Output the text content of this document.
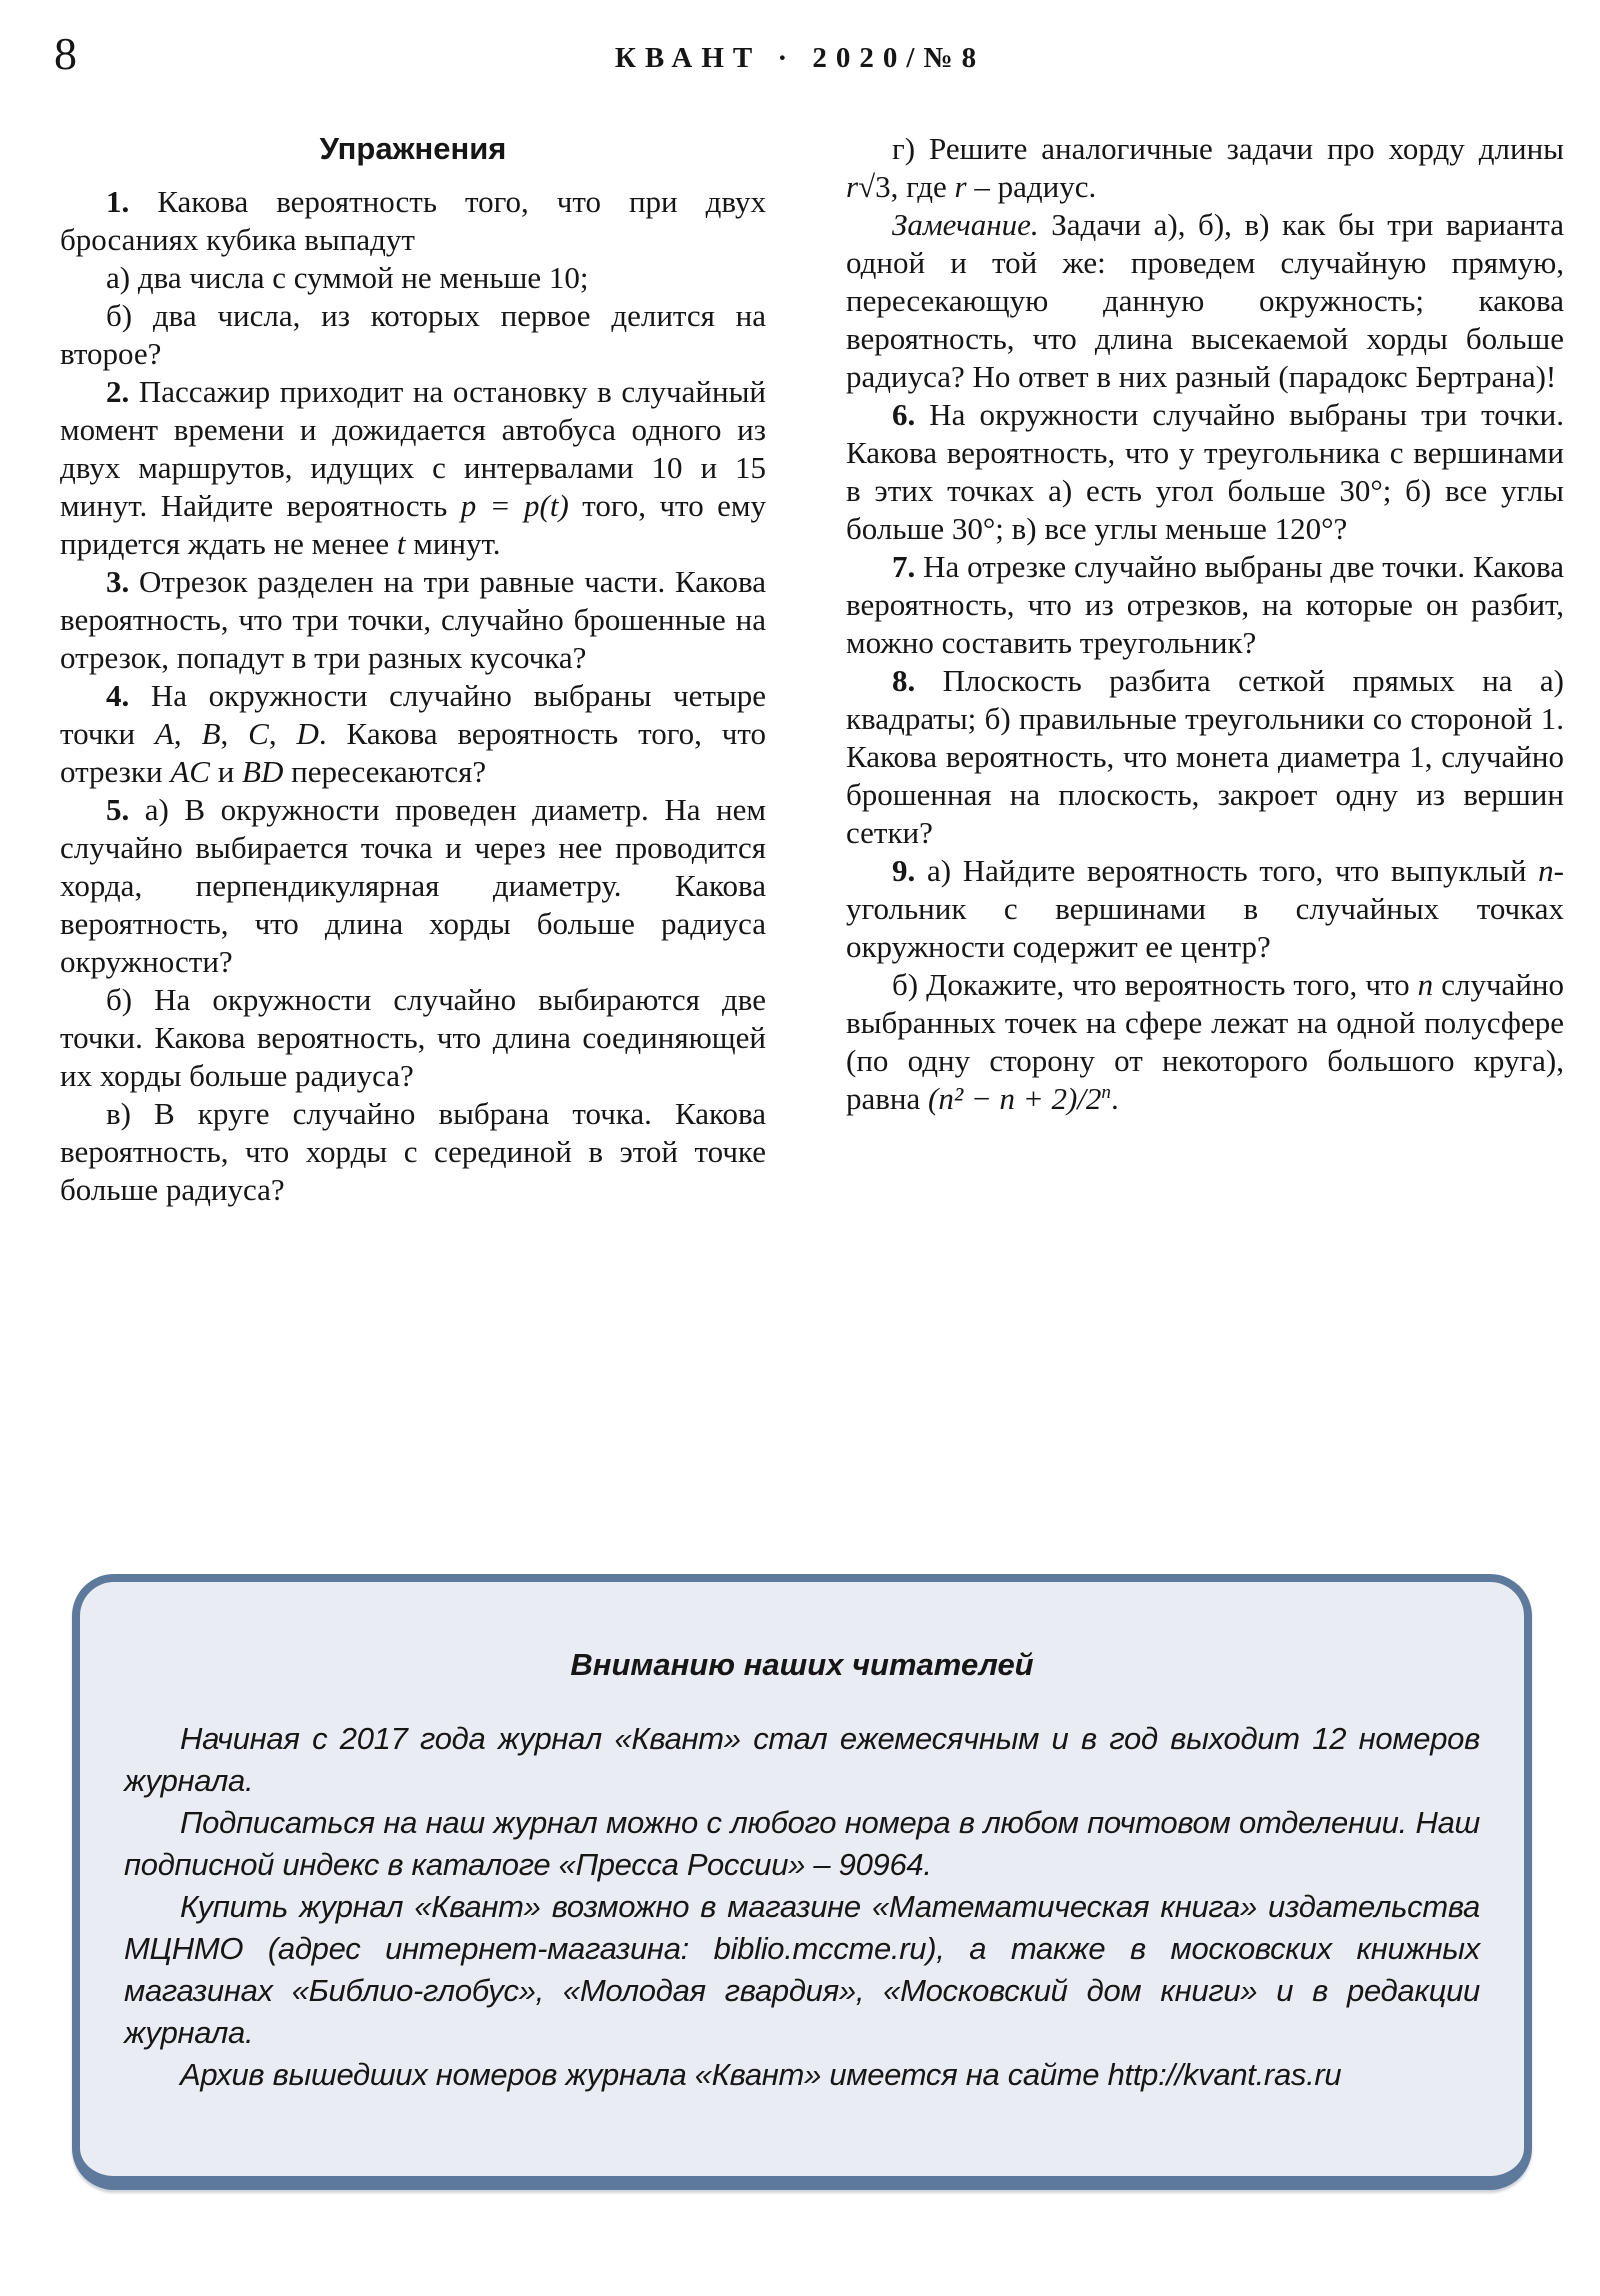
8	КВАНТ · 2020/№8
Упражнения

1. Какова вероятность того, что при двух бросаниях кубика выпадут

а) два числа с суммой не меньше 10;

б) два числа, из которых первое делится на второе?

2. Пассажир приходит на остановку в случайный момент времени и дожидается автобуса одного из двух маршрутов, идущих с интервалами 10 и 15 минут. Найдите вероятность p = p(t) того, что ему придется ждать не менее t минут.

3. Отрезок разделен на три равные части. Какова вероятность, что три точки, случайно брошенные на отрезок, попадут в три разных кусочка?

4. На окружности случайно выбраны четыре точки A, B, C, D. Какова вероятность того, что отрезки AC и BD пересекаются?

5. а) В окружности проведен диаметр. На нем случайно выбирается точка и через нее проводится хорда, перпендикулярная диаметру. Какова вероятность, что длина хорды больше радиуса окружности?

б) На окружности случайно выбираются две точки. Какова вероятность, что длина соединяющей их хорды больше радиуса?

в) В круге случайно выбрана точка. Какова вероятность, что хорды с серединой в этой точке больше радиуса?

г) Решите аналогичные задачи про хорду длины r√3, где r – радиус.

Замечание. Задачи а), б), в) как бы три варианта одной и той же: проведем случайную прямую, пересекающую данную окружность; какова вероятность, что длина высекаемой хорды больше радиуса? Но ответ в них разный (парадокс Бертрана)!

6. На окружности случайно выбраны три точки. Какова вероятность, что у треугольника с вершинами в этих точках а) есть угол больше 30°; б) все углы больше 30°; в) все углы меньше 120°?

7. На отрезке случайно выбраны две точки. Какова вероятность, что из отрезков, на которые он разбит, можно составить треугольник?

8. Плоскость разбита сеткой прямых на а) квадраты; б) правильные треугольники со стороной 1. Какова вероятность, что монета диаметра 1, случайно брошенная на плоскость, закроет одну из вершин сетки?

9. а) Найдите вероятность того, что выпуклый n-угольник с вершинами в случайных точках окружности содержит ее центр?

б) Докажите, что вероятность того, что n случайно выбранных точек на сфере лежат на одной полусфере (по одну сторону от некоторого большого круга), равна $(n^2 - n + 2)/2^n$.

Вниманию наших читателей

Начиная с 2017 года журнал «Квант» стал ежемесячным и в год выходит 12 номеров журнала.

Подписаться на наш журнал можно с любого номера в любом почтовом отделении. Наш подписной индекс в каталоге «Пресса России» – 90964.

Купить журнал «Квант» возможно в магазине «Математическая книга» издательства МЦНМО (адрес интернет-магазина: biblio.mccme.ru), а также в московских книжных магазинах «Библио-глобус», «Молодая гвардия», «Московский дом книги» и в редакции журнала.

Архив вышедших номеров журнала «Квант» имеется на сайте http://kvant.ras.ru
